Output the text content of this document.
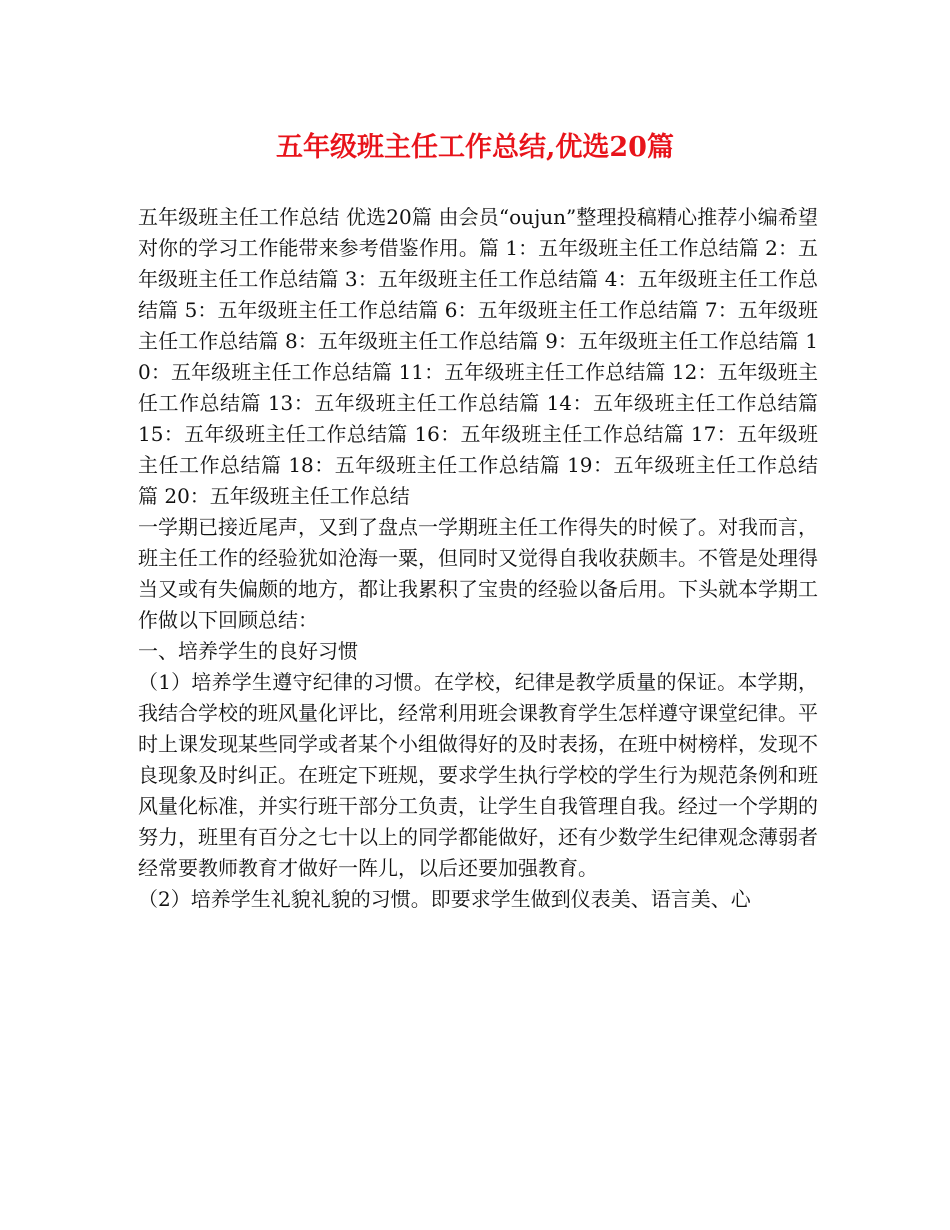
五年级班主任工作总结,优选20篇

五年级班主任工作总结 优选20篇 由会员“oujun”整理投稿精心推荐小编希望对你的学习工作能带来参考借鉴作用。篇 1：五年级班主任工作总结篇 2：五年级班主任工作总结篇 3：五年级班主任工作总结篇 4：五年级班主任工作总结篇 5：五年级班主任工作总结篇 6：五年级班主任工作总结篇 7：五年级班主任工作总结篇 8：五年级班主任工作总结篇 9：五年级班主任工作总结篇 10：五年级班主任工作总结篇 11：五年级班主任工作总结篇 12：五年级班主任工作总结篇 13：五年级班主任工作总结篇 14：五年级班主任工作总结篇 15：五年级班主任工作总结篇 16：五年级班主任工作总结篇 17：五年级班主任工作总结篇 18：五年级班主任工作总结篇 19：五年级班主任工作总结篇 20：五年级班主任工作总结

一学期已接近尾声，又到了盘点一学期班主任工作得失的时候了。对我而言，班主任工作的经验犹如沧海一粟，但同时又觉得自我收获颇丰。不管是处理得当又或有失偏颇的地方，都让我累积了宝贵的经验以备后用。下头就本学期工作做以下回顾总结：

一、培养学生的良好习惯

（1）培养学生遵守纪律的习惯。在学校，纪律是教学质量的保证。本学期，我结合学校的班风量化评比，经常利用班会课教育学生怎样遵守课堂纪律。平时上课发现某些同学或者某个小组做得好的及时表扬，在班中树榜样，发现不良现象及时纠正。在班定下班规，要求学生执行学校的学生行为规范条例和班风量化标准，并实行班干部分工负责，让学生自我管理自我。经过一个学期的努力，班里有百分之七十以上的同学都能做好，还有少数学生纪律观念薄弱者经常要教师教育才做好一阵儿，以后还要加强教育。

（2）培养学生礼貌礼貌的习惯。即要求学生做到仪表美、语言美、心
